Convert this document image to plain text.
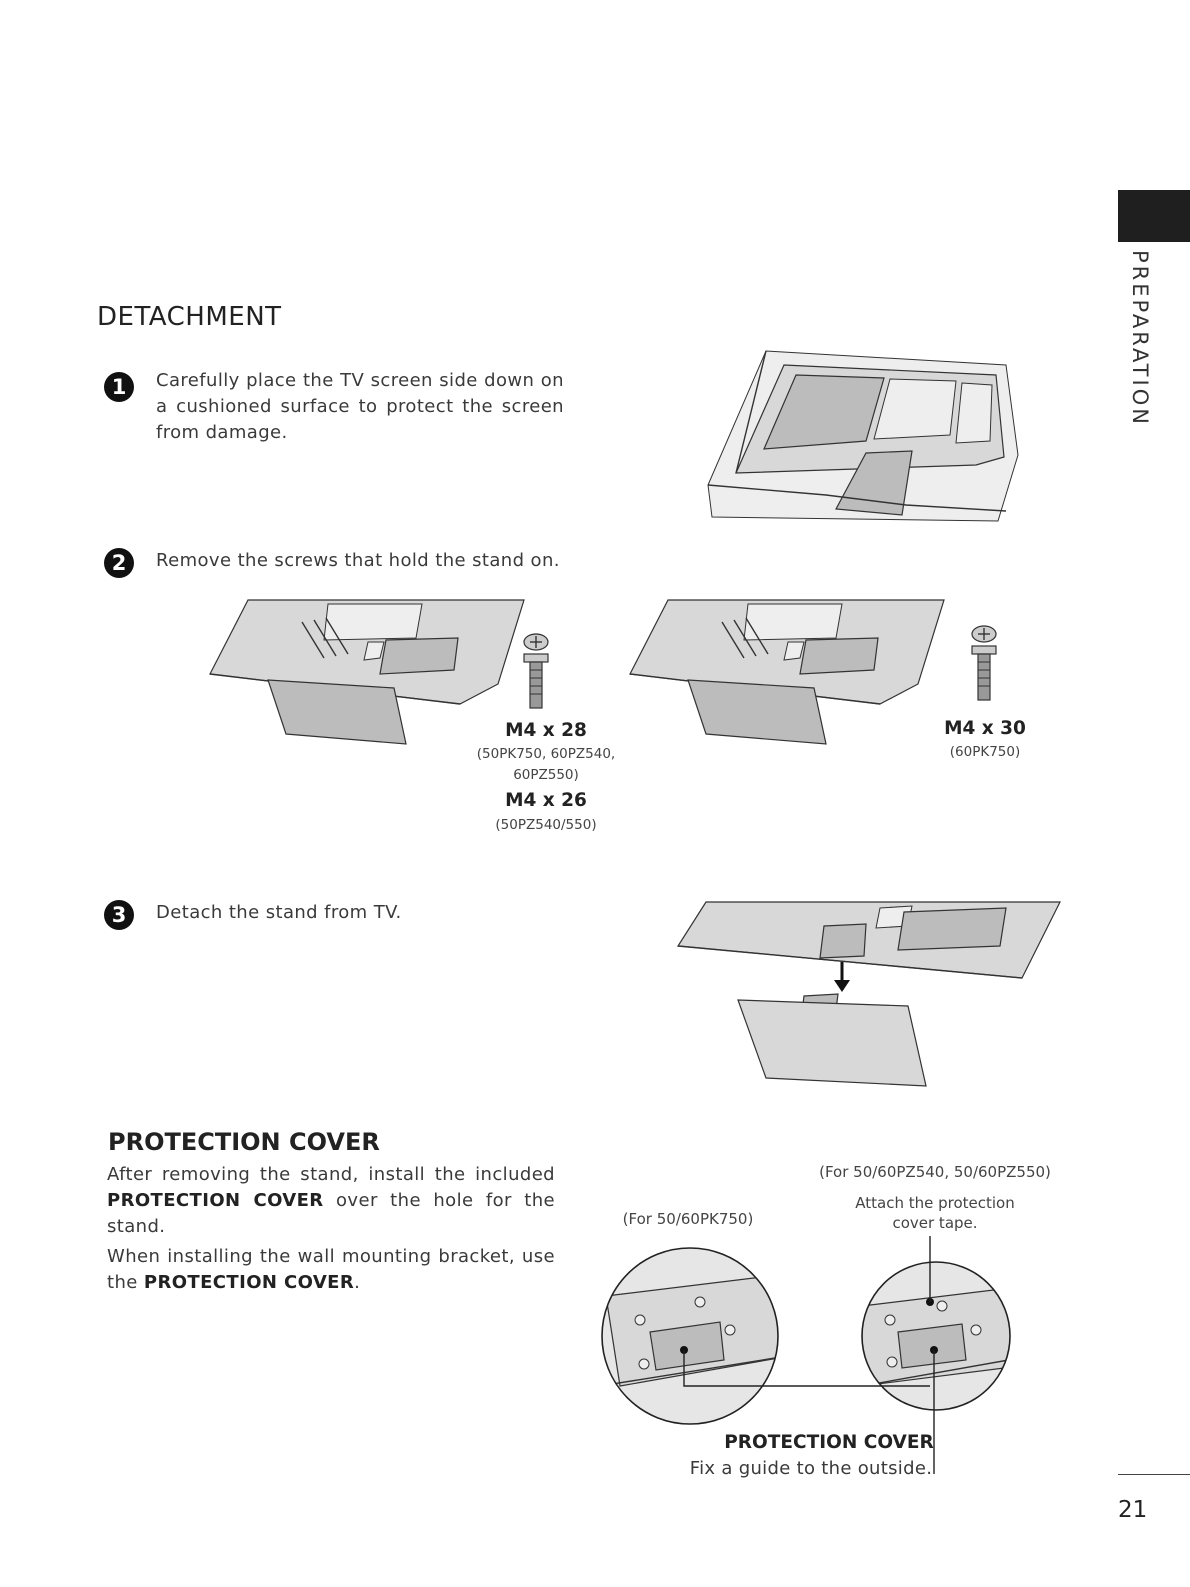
PREPARATION
21
DETACHMENT
1	Carefully place the TV screen side down on a cushioned surface to protect the screen from damage.
2	Remove the screws that hold the stand on.
M4 x 28
(50PK750, 60PZ540,
60PZ550)
M4 x 26
(50PZ540/550)
M4 x 30
(60PK750)
3	Detach the stand from TV.
PROTECTION COVER
After removing the stand, install the included PROTECTION COVER over the hole for the stand.
When installing the wall mounting bracket, use the PROTECTION COVER.
(For 50/60PZ540, 50/60PZ550)
Attach the protection
cover tape.
(For 50/60PK750)
PROTECTION COVER
Fix a guide to the outside.
